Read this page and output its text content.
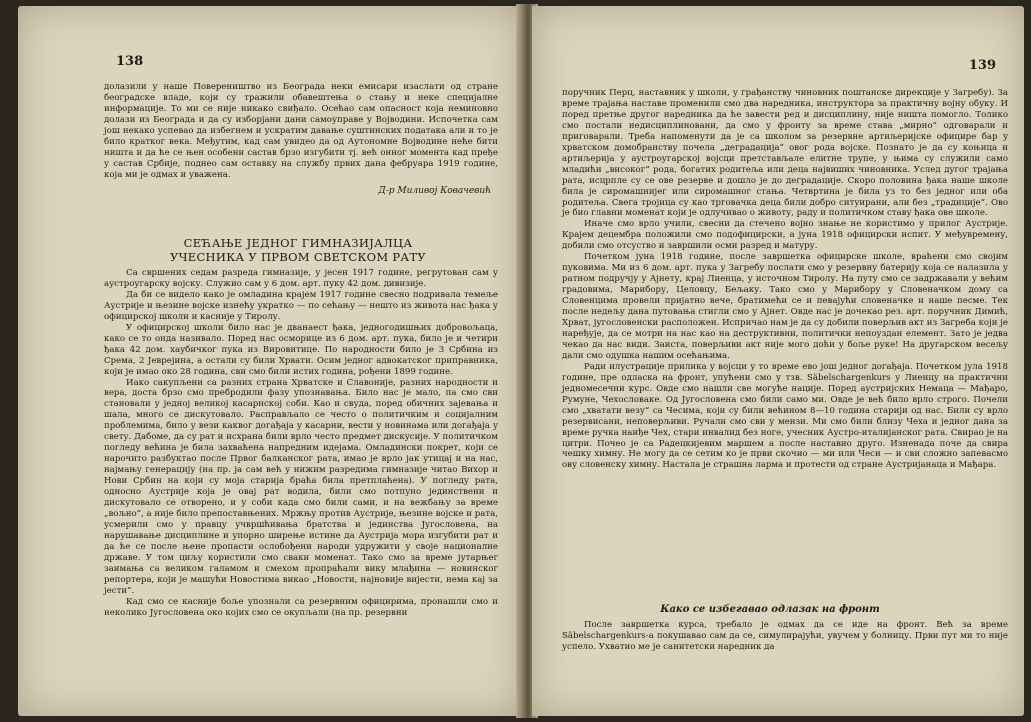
138

долазили у наше Повереништво из Београда неки емисари изаслати од стране београдске владе, који су тражили обавештења о стању и неке специјалне информације. То ми се није никако свиђало. Осећао сам опасност која неминовно долази из Београда и да су изборјани дани самоуправе у Војводини. Испочетка сам још некако успевао да избегнем и ускратим давање суштинских података али и то је било кратког века. Међутим, кад сам увидео да од Аутономне Војводине неће бити ништа и да ће се њен особени састав брзо изгубити тј. већ онног момента кад пређе у састав Србије, поднео сам оставку на службу првих дана фебруара 1919 године, која ми је одмах и уважена.

Д-р Миливој Ковачевић
СЕЋАЊЕ ЈЕДНОГ ГИМНАЗИЈАЛЦА
УЧЕСНИКА У ПРВОМ СВЕТСКОМ РАТУ

Са свршених седам разреда гимназије, у јесен 1917 године, регрутован сам у аустроугарску војску. Служио сам у 6 дом. арт. пуку 42 дом. дивизије.

Да би се видело како је омладина крајем 1917 године свесно подривала темеље Аустрије и њезине војске изнећу укратко — по сећању — нешто из живота нас ђака у официрској школи и касније у Тиролу.

У официрској школи било нас је дванаест ђака, једногодишњих добровољаца, како се то онда називало. Поред нас осморице из 6 дом. арт. пука, било је и четири ђака 42 дом. хаубичког пука из Вировитице. По народности било је 3 Србина из Срема, 2 Јеврејина, а остали су били Хрвати. Осим једног адвокатског приправника, који је имао око 28 година, сви смо били истих година, рођени 1899 године.

Иако сакупљени са разних страна Хрватске и Славоније, разних народности и вера, доста брзо смо пребродили фазу упознавања. Било нас је мало, па смо сви становали у једној великој касарнској соби. Као и свуда, поред обичних зајевања и шала, много се дискутовало. Расправљало се често о политичким и социјалним проблемима, било у вези каквог догађаја у касарни, вести у новинама или догађаја у свету. Дабоме, да су рат и исхрана били врло често предмет дискусије. У политичком погледу већина је била захваћена напредним идејама. Омладински покрет, који се нарочито разбуктао после Првог балканског рата, имао је врло јак утицај и на нас, најмању генерацију (на пр. ја сам већ у нижим разредима гимназије читао Вихор и Нови Србин на који су моја старија браћа била претплаћена). У погледу рата, односно Аустрије која је овај рат водила, били смо потпуно јединствени и дискутовало се отворено, и у соби када смо били сами, и на вежбању за време „вољно“, а није било препоставњених. Мржњу против Аустрије, њезине војске и рата, усмерили смо у правцу учвршћивања братства и јединства Југословена, на нарушавање дисциплине и упорно ширење истине да Аустрија мора изгубити рат и да ће се после њене пропасти ослобођени народи удружити у своје националне државе. У том циљу користили смо сваки моменат. Тако смо за време јутарњег заимања са великом галамом и смехом пропраћали вику млађина — новинског репортера, који је машући Новостима викао „Новости, најновије вијести, нема кај за јести“.

Кад смо се касније боље упознали са резервним официрима, пронашли смо и неколико Југословена око којих смо се окупљали (на пр. резервни

139

поручник Перц, наставник у школи, у грађанству чиновник поштанске дирекције у Загребу). За време трајања наставе променили смо два наредника, инструктора за практичну војну обуку. И поред претње другог наредника да ће завести ред и дисциплину, није ништа помогло. Толико смо постали недисциплиновани, да смо у фронту за време става „мирно“ одговарали и приговарали. Треба напоменути да је са школом за резервне артиљеријске официре бар у хрватском домобранству почела „деградација“ овог рода војске. Познато је да су коњица и артиљерија у аустроугарској војсци претстављале елитне трупе, у њима су служили само младићи „високог“ рода, богатих родитеља или деца највиших чиновника. Услед дугог трајања рата, исцрпле су се ове резерве и дошло је до деградације. Скоро половина ђака наше школе била је сиромашнијег или сиромашног стања. Четвртина је била уз то без једног или оба родитеља. Свега тројица су као трговачка деца били добро ситуирани, али без „традиције“. Ово је био главни моменат који је одлучивао о животу, раду и политичком ставу ђака ове школе.

Иначе смо врло учили, свесни да стечено војно знање не користимо у прилог Аустрије. Крајем децембра положили смо подофицирски, а јуна 1918 официрски испит. У међувремену, добили смо отсуство и завршили осми разред и матуру.

Почетком јуна 1918 године, после завршетка официрске школе, враћени смо својим пуковима. Ми из 6 дом. арт. пука у Загребу послати смо у резервну батерију која се налазила у ратном подручју у Ајнету, крај Лиенца, у источном Тиролу. На путу смо се задржавали у већим градовима, Марибору, Целовцу, Бељаку. Тако смо у Марибору у Словеначком дому са Словенцима провели пријатно вече, братимећи се и певајући словеначке и наше песме. Тек после недељу дана путовања стигли смо у Ајнет. Овде нас је дочекао рез. арт. поручник Димић, Хрват, југословенски расположен. Испричао нам је да су добили поверљив акт из Загреба који је наређује, да се мотри на нас као на деструктивни, политички непоуздан елемент. Зато је једва чекао да нас види. Заиста, поверљиви акт није мого доћи у боље руке! На другарском весељу дали смо одушка нашим осећањима.

Ради илустрације прилика у војсци у то време ево још једног догађаја. Почетком јула 1918 године, пре одласка на фронт, упућени смо у тзв. Säbelschargenkurs у Лиенцу на практични једномесечни курс. Овде смо нашли све могуће нације. Поред аустријских Немаца — Мађаро, Румуне, Чехословаке. Од Југословена смо били само ми. Овде је већ било врло строго. Почели смо „хватати везу“ са Чесима, који су били већином 8—10 година старији од нас. Били су врло резервисани, неповерљиви. Ручали смо сви у мензи. Ми смо били близу Чеха и једног дана за време ручка наиђе Чех, стари инвалид без ноге, учесник Аустро-италијанског рата. Свирао је на цитри. Почео је са Радецкијевим маршем а после наставио друго. Изненада поче да свира чешку химну. Не могу да се сетим ко је први скочио — ми или Чеси — и сви сложно запевасмо ову словенску химну. Настала је страшна ларма и протести од стране Аустријанаца и Мађара.

Како се избегавао одлазак на фронт

После завршетка курса, требало је одмах да се иде на фронт. Већ за време Säbelschargenkurs-а покушавао сам да се, симулирајући, увучем у болницу. Први пут ми то није успело. Ухватио ме је санитетски наредник да
